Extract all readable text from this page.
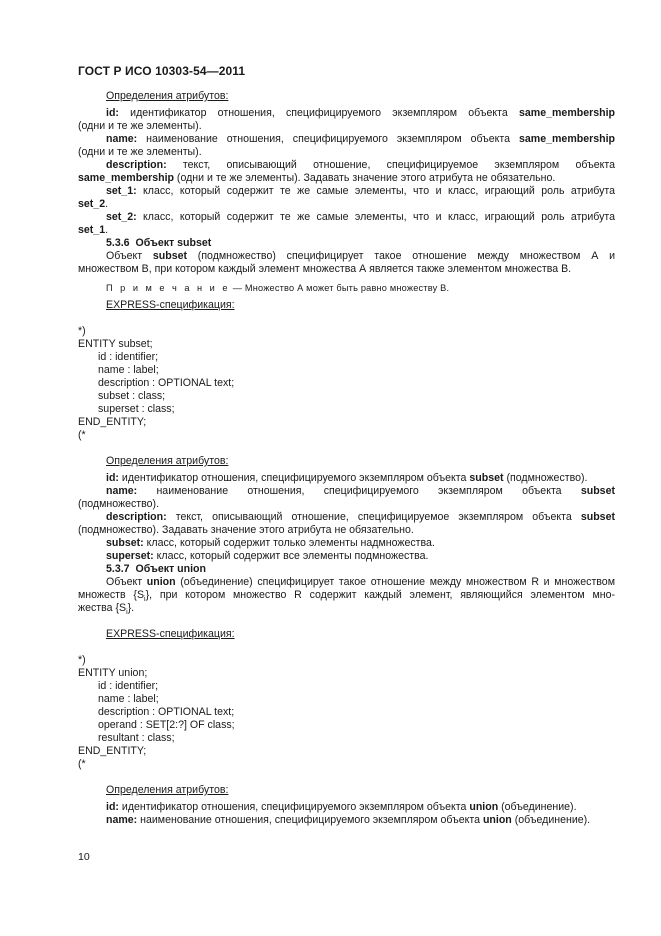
ГОСТ Р ИСО 10303-54—2011
Определения атрибутов:
id: идентификатор отношения, специфицируемого экземпляром объекта same_membership
(одни и те же элементы).
name: наименование отношения, специфицируемого экземпляром объекта same_membership
(одни и те же элементы).
description: текст, описывающий отношение, специфицируемое экземпляром объекта
same_membership (одни и те же элементы). Задавать значение этого атрибута не обязательно.
set_1: класс, который содержит те же самые элементы, что и класс, играющий роль атрибута
set_2.
set_2: класс, который содержит те же самые элементы, что и класс, играющий роль атрибута
set_1.
5.3.6 Объект subset
Объект subset (подмножество) специфицирует такое отношение между множеством А и
множеством В, при котором каждый элемент множества А является также элементом множества В.
П р и м е ч а н и е — Множество А может быть равно множеству В.
EXPRESS-спецификация:
*)
ENTITY subset;
id : identifier;
name : label;
description : OPTIONAL text;
subset : class;
superset : class;
END_ENTITY;
(*
Определения атрибутов:
id: идентификатор отношения, специфицируемого экземпляром объекта subset (подмножество).
name: наименование отношения, специфицируемого экземпляром объекта subset
(подмножество).
description: текст, описывающий отношение, специфицируемое экземпляром объекта subset
(подмножество). Задавать значение этого атрибута не обязательно.
subset: класс, который содержит только элементы надмножества.
superset: класс, который содержит все элементы подмножества.
5.3.7 Объект union
Объект union (объединение) специфицирует такое отношение между множеством R и множеством
множеств $\{S_i\}$, при котором множество R содержит каждый элемент, являющийся элементом мно-
жества $\{S_i\}$.
EXPRESS-спецификация:
*)
ENTITY union;
id : identifier;
name : label;
description : OPTIONAL text;
operand : SET[2:?] OF class;
resultant : class;
END_ENTITY;
(*
Определения атрибутов:
id: идентификатор отношения, специфицируемого экземпляром объекта union (объединение).
name: наименование отношения, специфицируемого экземпляром объекта union (объединение).
10
